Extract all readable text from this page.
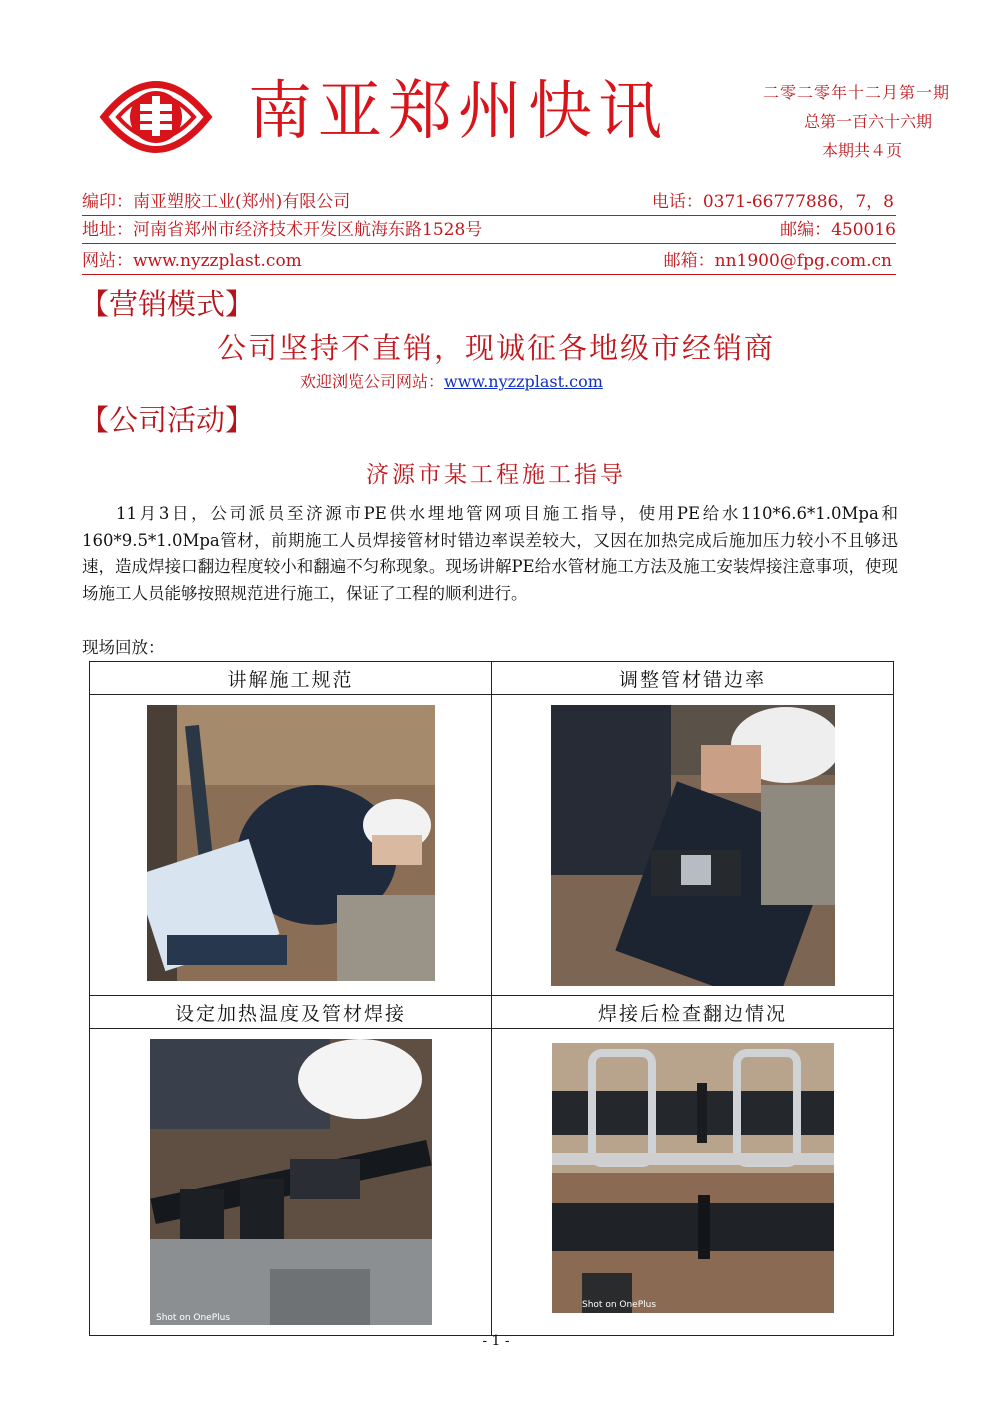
南亚郑州快讯	二零二零年十二月第一期
总第一百六十六期
本期共４页
编印：南亚塑胶工业(郑州)有限公司	电话：0371-66777886，7，8
地址：河南省郑州市经济技术开发区航海东路1528号	邮编：450016
网站：www.nyzzplast.com	邮箱：nn1900@fpg.com.cn
【营销模式】
公司坚持不直销，现诚征各地级市经销商
欢迎浏览公司网站：www.nyzzplast.com
【公司活动】
济源市某工程施工指导

11月3日，公司派员至济源市PE供水埋地管网项目施工指导，使用PE给水110*6.6*1.0Mpa和160*9.5*1.0Mpa管材，前期施工人员焊接管材时错边率误差较大，又因在加热完成后施加压力较小不且够迅速，造成焊接口翻边程度较小和翻遍不匀称现象。现场讲解PE给水管材施工方法及施工安装焊接注意事项，使现场施工人员能够按照规范进行施工，保证了工程的顺利进行。

现场回放：
讲解施工规范	调整管材错边率

设定加热温度及管材焊接	焊接后检查翻边情况

Shot on OnePlus	Shot on OnePlus
- 1 -
